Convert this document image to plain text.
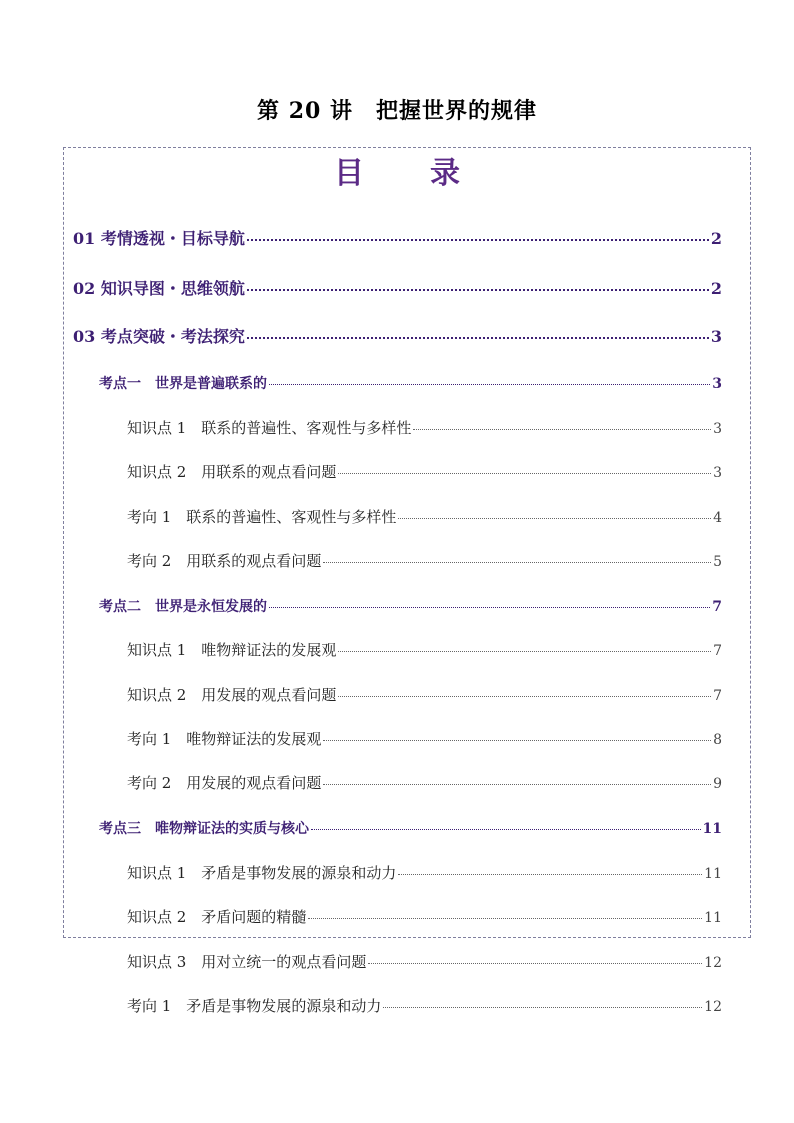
第 20 讲　把握世界的规律
目　录
01 考情透视・目标导航	2
02 知识导图・思维领航	2
03 考点突破・考法探究	3
考点一　世界是普遍联系的	3
知识点 1　联系的普遍性、客观性与多样性	3
知识点 2　用联系的观点看问题	3
考向 1　联系的普遍性、客观性与多样性	4
考向 2　用联系的观点看问题	5
考点二　世界是永恒发展的	7
知识点 1　唯物辩证法的发展观	7
知识点 2　用发展的观点看问题	7
考向 1　唯物辩证法的发展观	8
考向 2　用发展的观点看问题	9
考点三　唯物辩证法的实质与核心	11
知识点 1　矛盾是事物发展的源泉和动力	11
知识点 2　矛盾问题的精髓	11
知识点 3　用对立统一的观点看问题	12
考向 1　矛盾是事物发展的源泉和动力	12
